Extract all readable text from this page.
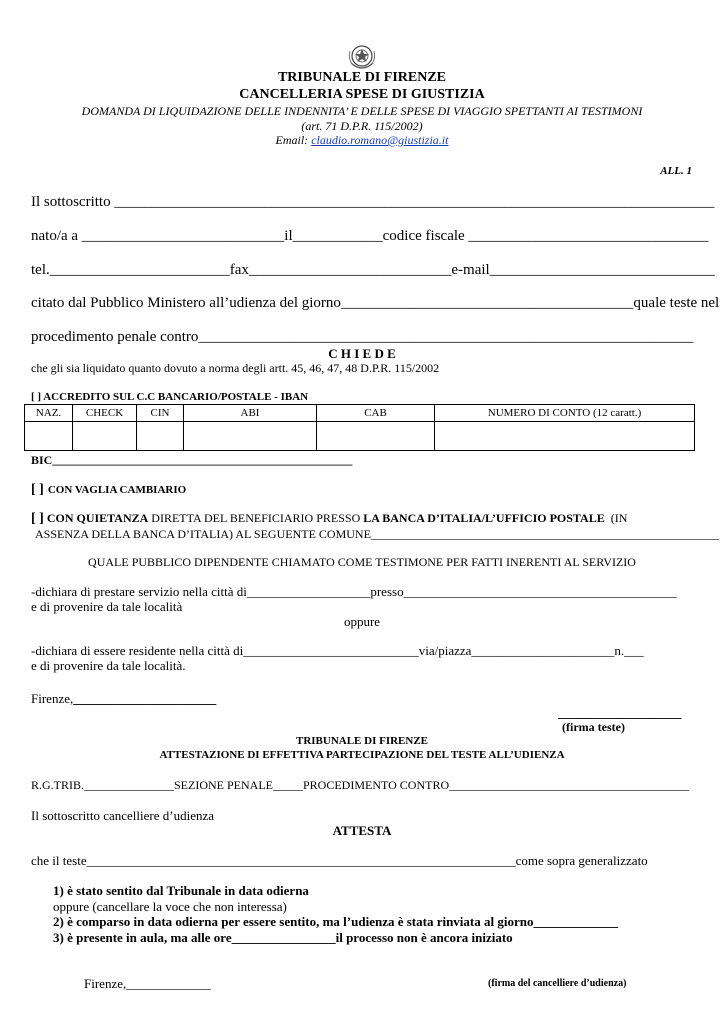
TRIBUNALE DI FIRENZE
CANCELLERIA SPESE DI GIUSTIZIA
DOMANDA DI LIQUIDAZIONE DELLE INDENNITA’ E DELLE SPESE DI VIAGGIO SPETTANTI AI TESTIMONI
(art. 71 D.P.R. 115/2002)
Email: claudio.romano@giustizia.it
ALL. 1
Il sottoscritto ________________________________________________________________________________
nato/a a ___________________________il____________codice fiscale ________________________________
tel.________________________fax___________________________e-mail______________________________
citato dal Pubblico Ministero all’udienza del giorno_______________________________________quale teste nel
procedimento penale contro__________________________________________________________________
C H I E D E
che gli sia liquidato quanto dovuto a norma degli artt. 45, 46, 47, 48 D.P.R. 115/2002
[ ] ACCREDITO SUL C.C BANCARIO/POSTALE - IBAN
NAZ.	CHECK	CIN	ABI	CAB	NUMERO DI CONTO (12 caratt.)

BIC__________________________________________________
[ ] CON VAGLIA CAMBIARIO
[ ] CON QUIETANZA DIRETTA DEL BENEFICIARIO PRESSO LA BANCA D’ITALIA/L’UFFICIO POSTALE (IN
ASSENZA DELLA BANCA D’ITALIA) AL SEGUENTE COMUNE__________________________________________________________
QUALE PUBBLICO DIPENDENTE CHIAMATO COME TESTIMONE PER FATTI INERENTI AL SERVIZIO
-dichiara di prestare servizio nella città di___________________presso__________________________________________
e di provenire da tale località
oppure
-dichiara di essere residente nella città di___________________________via/piazza______________________n.___
e di provenire da tale località.
Firenze,______________________
___________________
(firma teste)
TRIBUNALE DI FIRENZE
ATTESTAZIONE DI EFFETTIVA PARTECIPAZIONE DEL TESTE ALL’UDIENZA
R.G.TRIB._______________SEZIONE PENALE_____PROCEDIMENTO CONTRO________________________________________
Il sottoscritto cancelliere d’udienza
ATTESTA
che il teste__________________________________________________________________come sopra generalizzato
1) è stato sentito dal Tribunale in data odierna
oppure (cancellare la voce che non interessa)
2) è comparso in data odierna per essere sentito, ma l’udienza è stata rinviata al giorno_____________
3) è presente in aula, ma alle ore________________il processo non è ancora iniziato
Firenze,_____________	(firma del cancelliere d’udienza)
